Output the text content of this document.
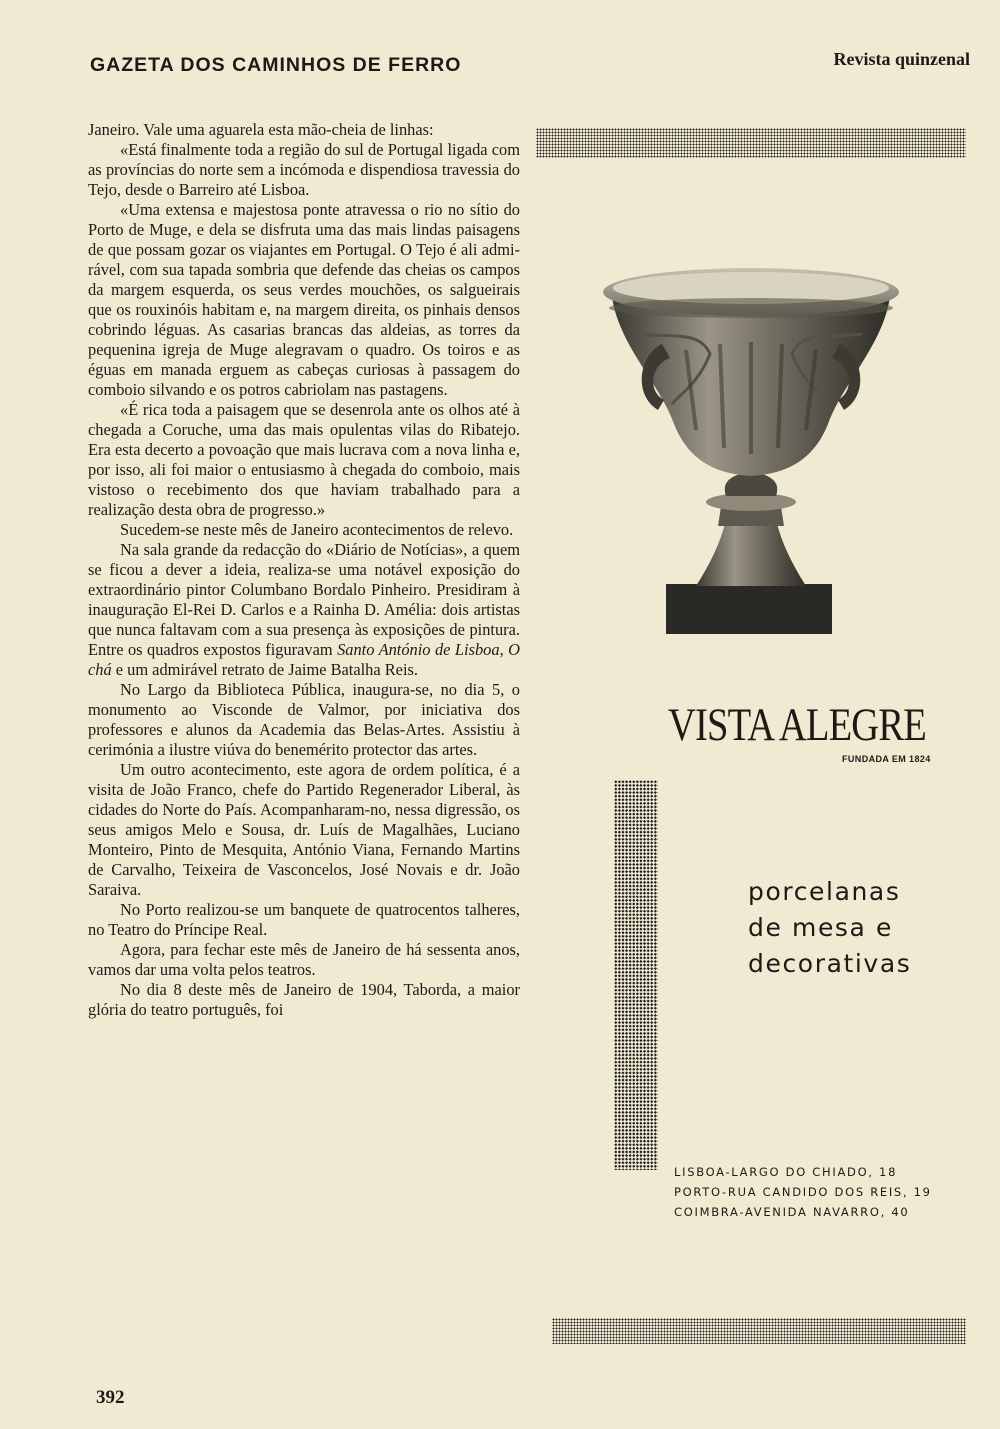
GAZETA DOS CAMINHOS DE FERRO	Revista quinzenal

Janeiro. Vale uma aguarela esta mão-cheia de linhas:

«Está finalmente toda a região do sul de Portugal ligada com as províncias do norte sem a incómoda e dispendiosa travessia do Tejo, desde o Barreiro até Lisboa.

«Uma extensa e majestosa ponte atravessa o rio no sítio do Porto de Muge, e dela se disfruta uma das mais lindas paisagens de que possam gozar os viajantes em Portugal. O Tejo é ali admirável, com sua tapada sombria que defende das cheias os campos da margem esquerda, os seus verdes mouchões, os salgueirais que os rouxinóis habitam e, na margem direita, os pinhais densos cobrindo léguas. As casarias brancas das aldeias, as torres da pequenina igreja de Muge alegravam o quadro. Os toiros e as éguas em manada erguem as cabeças curiosas à passagem do comboio silvando e os potros cabriolam nas pastagens.

«É rica toda a paisagem que se desenrola ante os olhos até à chegada a Coruche, uma das mais opulentas vilas do Ribatejo. Era esta decerto a povoação que mais lucrava com a nova linha e, por isso, ali foi maior o entusiasmo à chegada do comboio, mais vistoso o recebimento dos que haviam trabalhado para a realização desta obra de progresso.»

Sucedem-se neste mês de Janeiro acontecimentos de relevo.

Na sala grande da redacção do «Diário de Notícias», a quem se ficou a dever a ideia, realiza-se uma notável exposição do extraordinário pintor Columbano Bordalo Pinheiro. Presidiram à inauguração El-Rei D. Carlos e a Rainha D. Amélia: dois artistas que nunca faltavam com a sua presença às exposições de pintura. Entre os quadros expostos figuravam Santo António de Lisboa, O chá e um admirável retrato de Jaime Batalha Reis.

No Largo da Biblioteca Pública, inaugura-se, no dia 5, o monumento ao Visconde de Valmor, por iniciativa dos professores e alunos da Academia das Belas-Artes. Assistiu à cerimónia a ilustre viúva do benemérito protector das artes.

Um outro acontecimento, este agora de ordem política, é a visita de João Franco, chefe do Partido Regenerador Liberal, às cidades do Norte do País. Acompanharam-no, nessa digressão, os seus amigos Melo e Sousa, dr. Luís de Magalhães, Luciano Monteiro, Pinto de Mesquita, António Viana, Fernando Martins de Carvalho, Teixeira de Vasconcelos, José Novais e dr. João Saraiva.

No Porto realizou-se um banquete de quatrocentos talheres, no Teatro do Príncipe Real.

Agora, para fechar este mês de Janeiro de há sessenta anos, vamos dar uma volta pelos teatros.

No dia 8 deste mês de Janeiro de 1904, Taborda, a maior glória do teatro português, foi

392
VISTA ALEGRE
FUNDADA EM 1824
porcelanas
de mesa e
decorativas
LISBOA-LARGO DO CHIADO, 18
PORTO-RUA CANDIDO DOS REIS, 19
COIMBRA-AVENIDA NAVARRO, 40
